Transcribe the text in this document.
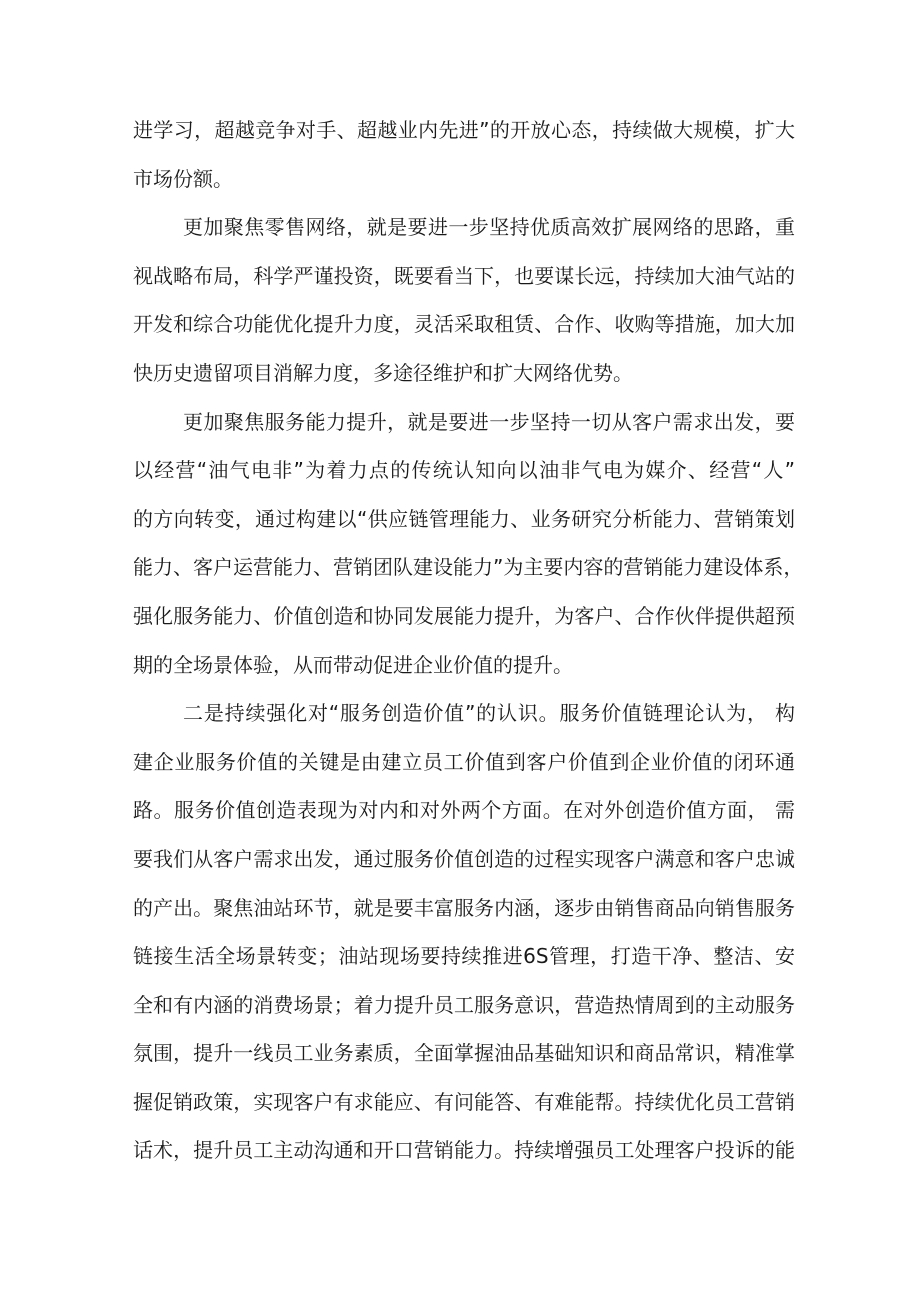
进学习，超越竞争对手、超越业内先进”的开放心态，持续做大规模，扩大
市场份额。
更加聚焦零售网络，就是要进一步坚持优质高效扩展网络的思路，重
视战略布局，科学严谨投资，既要看当下，也要谋长远，持续加大油气站的
开发和综合功能优化提升力度，灵活采取租赁、合作、收购等措施，加大加
快历史遗留项目消解力度，多途径维护和扩大网络优势。
更加聚焦服务能力提升，就是要进一步坚持一切从客户需求出发，要
以经营“油气电非”为着力点的传统认知向以油非气电为媒介、经营“人”
的方向转变，通过构建以“供应链管理能力、业务研究分析能力、营销策划
能力、客户运营能力、营销团队建设能力”为主要内容的营销能力建设体系，
强化服务能力、价值创造和协同发展能力提升，为客户、合作伙伴提供超预
期的全场景体验，从而带动促进企业价值的提升。
二是持续强化对“服务创造价值”的认识。服务价值链理论认为， 构
建企业服务价值的关键是由建立员工价值到客户价值到企业价值的闭环通
路。服务价值创造表现为对内和对外两个方面。在对外创造价值方面， 需
要我们从客户需求出发，通过服务价值创造的过程实现客户满意和客户忠诚
的产出。聚焦油站环节，就是要丰富服务内涵，逐步由销售商品向销售服务
链接生活全场景转变；油站现场要持续推进6S管理，打造干净、整洁、安
全和有内涵的消费场景；着力提升员工服务意识，营造热情周到的主动服务
氛围，提升一线员工业务素质，全面掌握油品基础知识和商品常识，精准掌
握促销政策，实现客户有求能应、有问能答、有难能帮。持续优化员工营销
话术，提升员工主动沟通和开口营销能力。持续增强员工处理客户投诉的能
